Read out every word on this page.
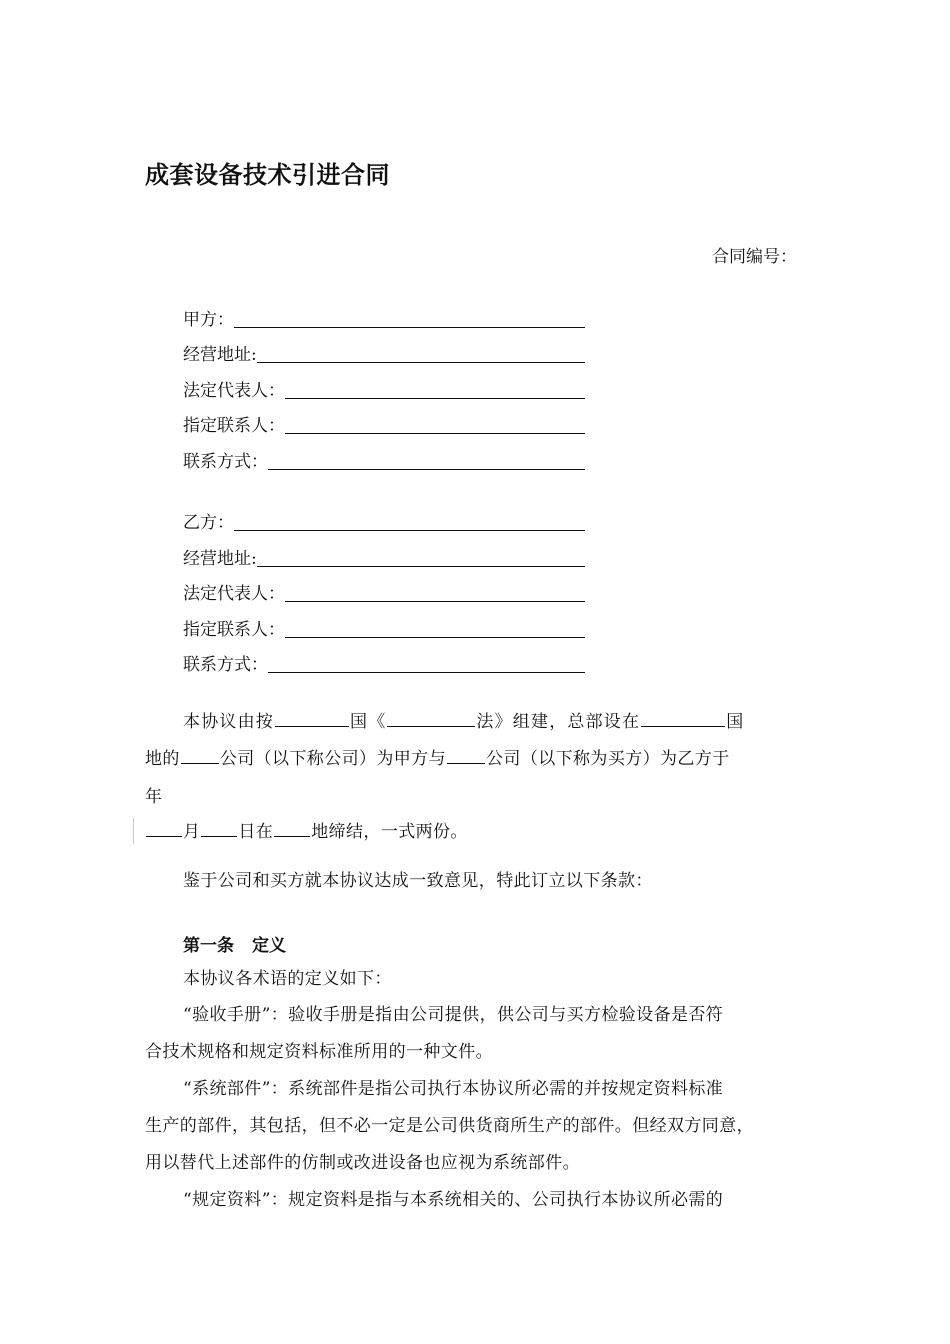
成套设备技术引进合同
合同编号：
甲方：
经营地址:
法定代表人：
指定联系人：
联系方式：
乙方：
经营地址:
法定代表人：
指定联系人：
联系方式：

本协议由按	国《	法》组建，总部设在	国

地的 公司（以下称公司）为甲方与 公司（以下称为买方）为乙方于

年

月 日在 地缔结，一式两份。

鉴于公司和买方就本协议达成一致意见，特此订立以下条款：

第一条 定义

本协议各术语的定义如下：

“验收手册”：验收手册是指由公司提供，供公司与买方检验设备是否符

合技术规格和规定资料标准所用的一种文件。

“系统部件”：系统部件是指公司执行本协议所必需的并按规定资料标准

生产的部件，其包括，但不必一定是公司供货商所生产的部件。但经双方同意，

用以替代上述部件的仿制或改进设备也应视为系统部件。

“规定资料”：规定资料是指与本系统相关的、公司执行本协议所必需的
